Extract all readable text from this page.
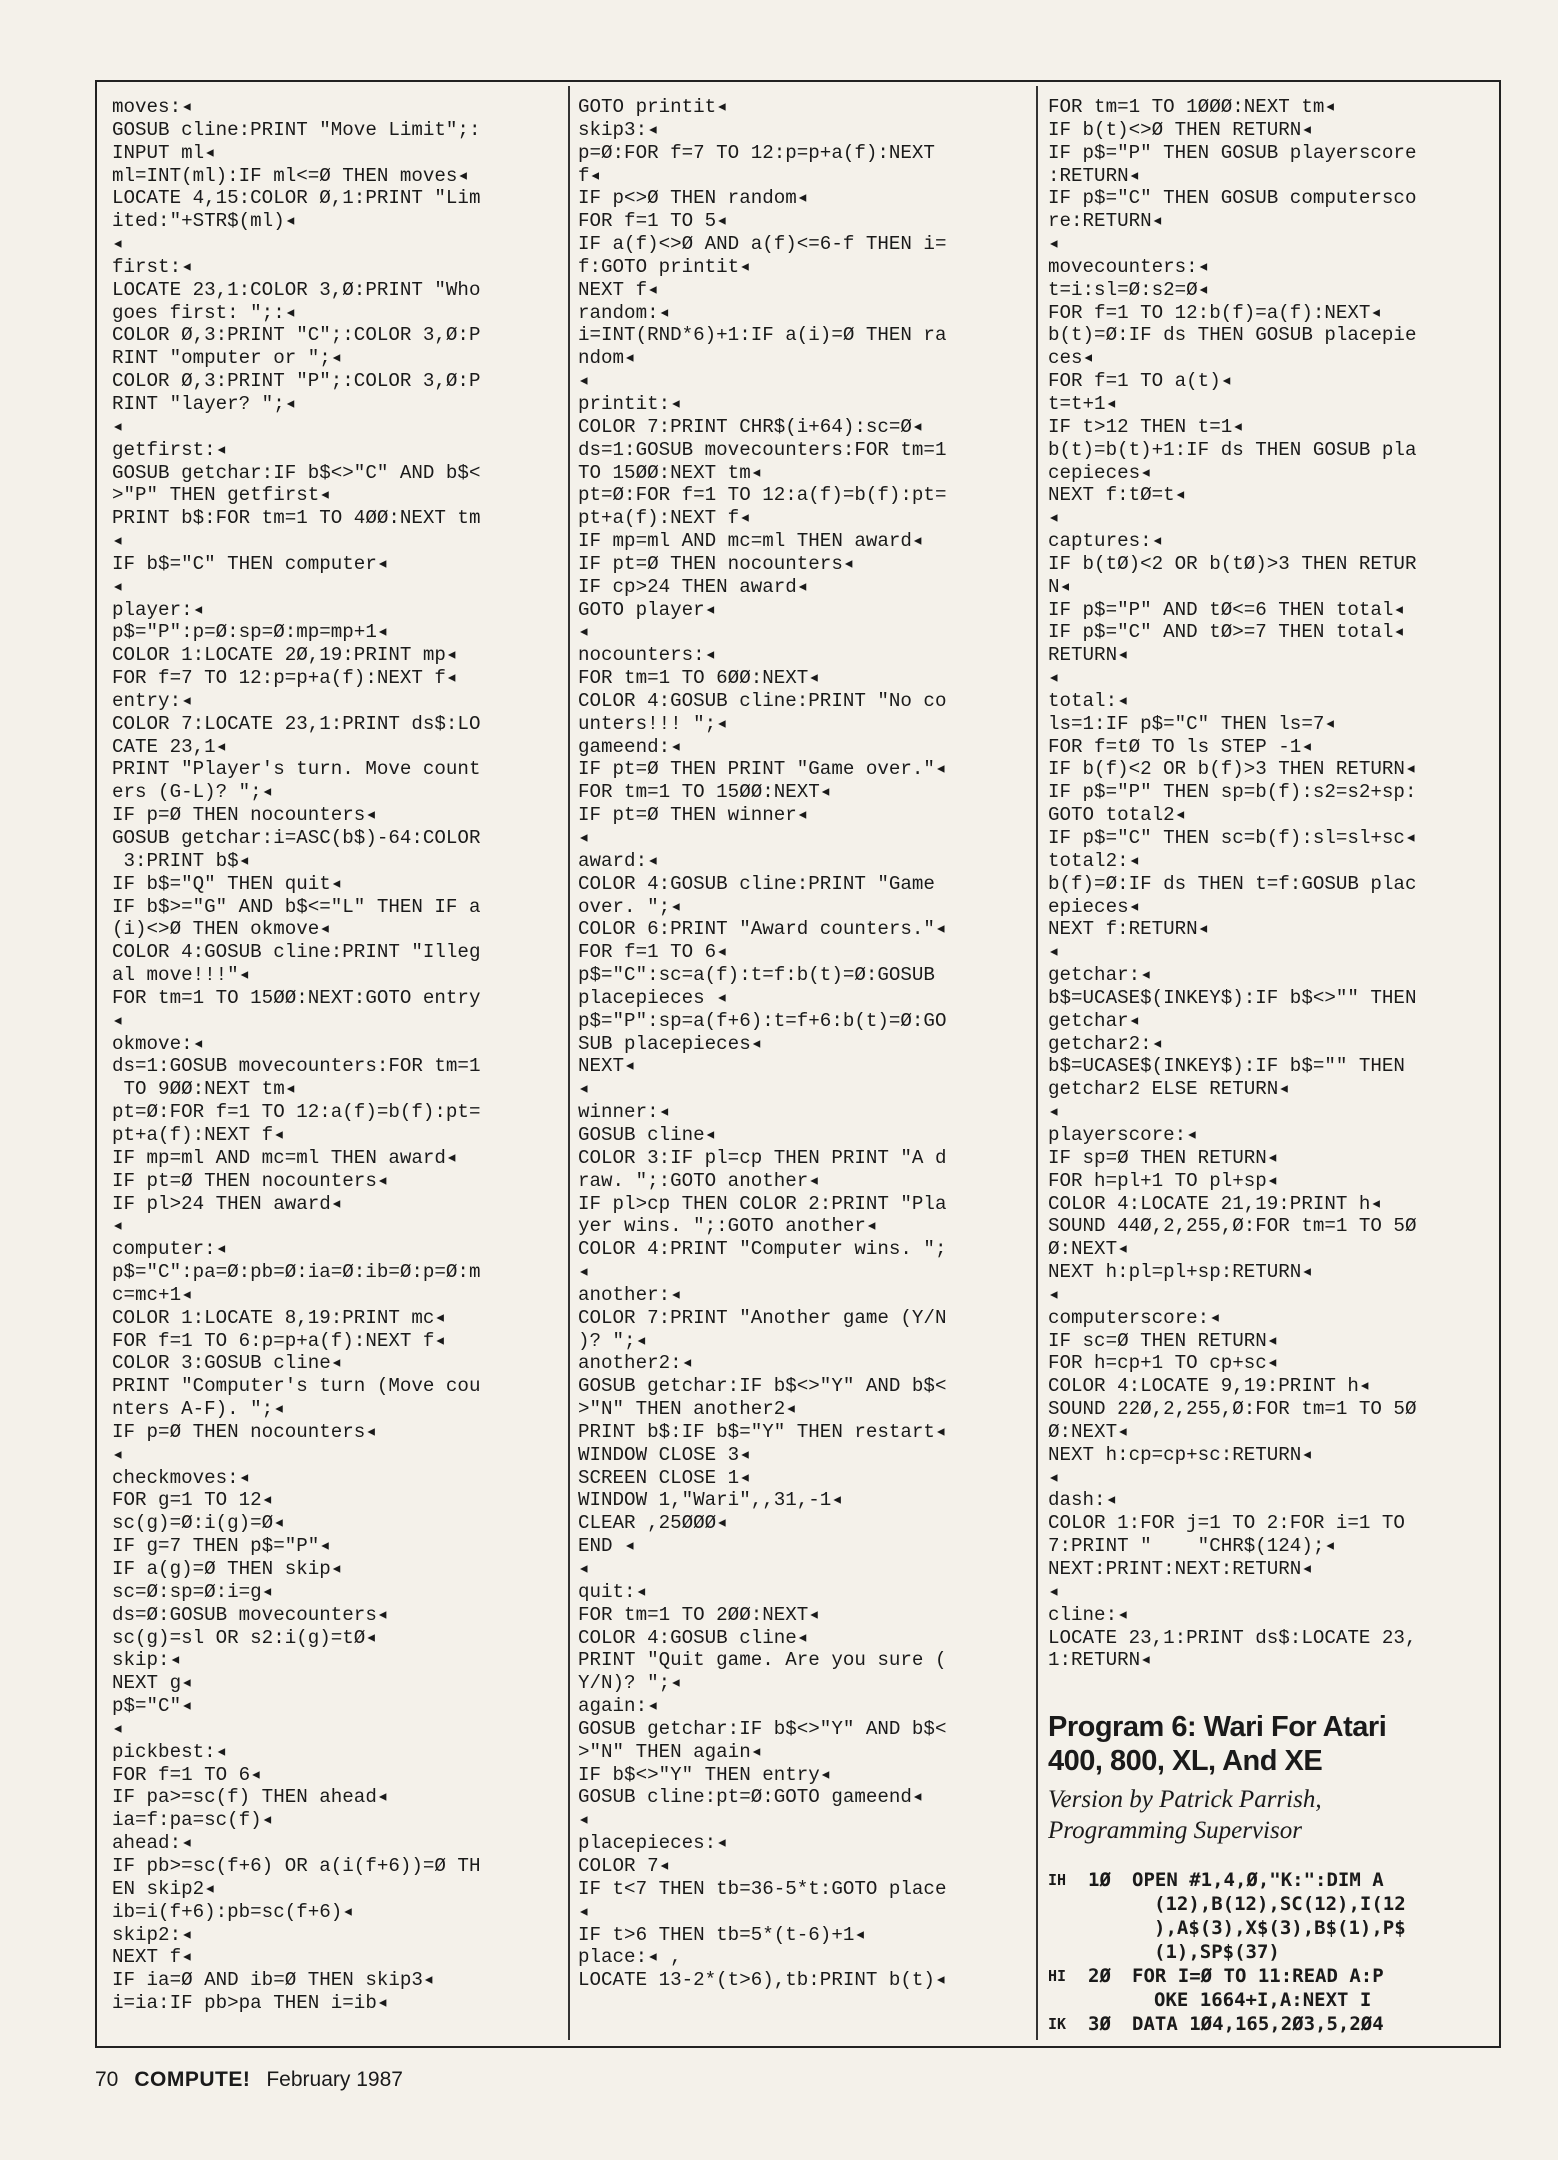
moves:◂
GOSUB cline:PRINT "Move Limit";:
INPUT ml◂
ml=INT(ml):IF ml<=Ø THEN moves◂
LOCATE 4,15:COLOR Ø,1:PRINT "Lim
ited:"+STR$(ml)◂
◂
first:◂
LOCATE 23,1:COLOR 3,Ø:PRINT "Who
goes first: ";:◂
COLOR Ø,3:PRINT "C";:COLOR 3,Ø:P
RINT "omputer or ";◂
COLOR Ø,3:PRINT "P";:COLOR 3,Ø:P
RINT "layer? ";◂
◂
getfirst:◂
GOSUB getchar:IF b$<>"C" AND b$<
>"P" THEN getfirst◂
PRINT b$:FOR tm=1 TO 4ØØ:NEXT tm
◂
IF b$="C" THEN computer◂
◂
player:◂
p$="P":p=Ø:sp=Ø:mp=mp+1◂
COLOR 1:LOCATE 2Ø,19:PRINT mp◂
FOR f=7 TO 12:p=p+a(f):NEXT f◂
entry:◂
COLOR 7:LOCATE 23,1:PRINT ds$:LO
CATE 23,1◂
PRINT "Player's turn. Move count
ers (G-L)? ";◂
IF p=Ø THEN nocounters◂
GOSUB getchar:i=ASC(b$)-64:COLOR
3:PRINT b$◂
IF b$="Q" THEN quit◂
IF b$>="G" AND b$<="L" THEN IF a
(i)<>Ø THEN okmove◂
COLOR 4:GOSUB cline:PRINT "Illeg
al move!!!"◂
FOR tm=1 TO 15ØØ:NEXT:GOTO entry
◂
okmove:◂
ds=1:GOSUB movecounters:FOR tm=1
TO 9ØØ:NEXT tm◂
pt=Ø:FOR f=1 TO 12:a(f)=b(f):pt=
pt+a(f):NEXT f◂
IF mp=ml AND mc=ml THEN award◂
IF pt=Ø THEN nocounters◂
IF pl>24 THEN award◂
◂
computer:◂
p$="C":pa=Ø:pb=Ø:ia=Ø:ib=Ø:p=Ø:m
c=mc+1◂
COLOR 1:LOCATE 8,19:PRINT mc◂
FOR f=1 TO 6:p=p+a(f):NEXT f◂
COLOR 3:GOSUB cline◂
PRINT "Computer's turn (Move cou
nters A-F). ";◂
IF p=Ø THEN nocounters◂
◂
checkmoves:◂
FOR g=1 TO 12◂
sc(g)=Ø:i(g)=Ø◂
IF g=7 THEN p$="P"◂
IF a(g)=Ø THEN skip◂
sc=Ø:sp=Ø:i=g◂
ds=Ø:GOSUB movecounters◂
sc(g)=sl OR s2:i(g)=tØ◂
skip:◂
NEXT g◂
p$="C"◂
◂
pickbest:◂
FOR f=1 TO 6◂
IF pa>=sc(f) THEN ahead◂
ia=f:pa=sc(f)◂
ahead:◂
IF pb>=sc(f+6) OR a(i(f+6))=Ø TH
EN skip2◂
ib=i(f+6):pb=sc(f+6)◂
skip2:◂
NEXT f◂
IF ia=Ø AND ib=Ø THEN skip3◂
i=ia:IF pb>pa THEN i=ib◂
GOTO printit◂
skip3:◂
p=Ø:FOR f=7 TO 12:p=p+a(f):NEXT
f◂
IF p<>Ø THEN random◂
FOR f=1 TO 5◂
IF a(f)<>Ø AND a(f)<=6-f THEN i=
f:GOTO printit◂
NEXT f◂
random:◂
i=INT(RND*6)+1:IF a(i)=Ø THEN ra
ndom◂
◂
printit:◂
COLOR 7:PRINT CHR$(i+64):sc=Ø◂
ds=1:GOSUB movecounters:FOR tm=1
TO 15ØØ:NEXT tm◂
pt=Ø:FOR f=1 TO 12:a(f)=b(f):pt=
pt+a(f):NEXT f◂
IF mp=ml AND mc=ml THEN award◂
IF pt=Ø THEN nocounters◂
IF cp>24 THEN award◂
GOTO player◂
◂
nocounters:◂
FOR tm=1 TO 6ØØ:NEXT◂
COLOR 4:GOSUB cline:PRINT "No co
unters!!! ";◂
gameend:◂
IF pt=Ø THEN PRINT "Game over."◂
FOR tm=1 TO 15ØØ:NEXT◂
IF pt=Ø THEN winner◂
◂
award:◂
COLOR 4:GOSUB cline:PRINT "Game
over. ";◂
COLOR 6:PRINT "Award counters."◂
FOR f=1 TO 6◂
p$="C":sc=a(f):t=f:b(t)=Ø:GOSUB
placepieces ◂
p$="P":sp=a(f+6):t=f+6:b(t)=Ø:GO
SUB placepieces◂
NEXT◂
◂
winner:◂
GOSUB cline◂
COLOR 3:IF pl=cp THEN PRINT "A d
raw. ";:GOTO another◂
IF pl>cp THEN COLOR 2:PRINT "Pla
yer wins. ";:GOTO another◂
COLOR 4:PRINT "Computer wins. ";
◂
another:◂
COLOR 7:PRINT "Another game (Y/N
)? ";◂
another2:◂
GOSUB getchar:IF b$<>"Y" AND b$<
>"N" THEN another2◂
PRINT b$:IF b$="Y" THEN restart◂
WINDOW CLOSE 3◂
SCREEN CLOSE 1◂
WINDOW 1,"Wari",,31,-1◂
CLEAR ,25ØØØ◂
END ◂
◂
quit:◂
FOR tm=1 TO 2ØØ:NEXT◂
COLOR 4:GOSUB cline◂
PRINT "Quit game. Are you sure (
Y/N)? ";◂
again:◂
GOSUB getchar:IF b$<>"Y" AND b$<
>"N" THEN again◂
IF b$<>"Y" THEN entry◂
GOSUB cline:pt=Ø:GOTO gameend◂
◂
placepieces:◂
COLOR 7◂
IF t<7 THEN tb=36-5*t:GOTO place
◂
IF t>6 THEN tb=5*(t-6)+1◂
place:◂ ,
LOCATE 13-2*(t>6),tb:PRINT b(t)◂
FOR tm=1 TO 1ØØØ:NEXT tm◂
IF b(t)<>Ø THEN RETURN◂
IF p$="P" THEN GOSUB playerscore
:RETURN◂
IF p$="C" THEN GOSUB computersco
re:RETURN◂
◂
movecounters:◂
t=i:sl=Ø:s2=Ø◂
FOR f=1 TO 12:b(f)=a(f):NEXT◂
b(t)=Ø:IF ds THEN GOSUB placepie
ces◂
FOR f=1 TO a(t)◂
t=t+1◂
IF t>12 THEN t=1◂
b(t)=b(t)+1:IF ds THEN GOSUB pla
cepieces◂
NEXT f:tØ=t◂
◂
captures:◂
IF b(tØ)<2 OR b(tØ)>3 THEN RETUR
N◂
IF p$="P" AND tØ<=6 THEN total◂
IF p$="C" AND tØ>=7 THEN total◂
RETURN◂
◂
total:◂
ls=1:IF p$="C" THEN ls=7◂
FOR f=tØ TO ls STEP -1◂
IF b(f)<2 OR b(f)>3 THEN RETURN◂
IF p$="P" THEN sp=b(f):s2=s2+sp:
GOTO total2◂
IF p$="C" THEN sc=b(f):sl=sl+sc◂
total2:◂
b(f)=Ø:IF ds THEN t=f:GOSUB plac
epieces◂
NEXT f:RETURN◂
◂
getchar:◂
b$=UCASE$(INKEY$):IF b$<>"" THEN
getchar◂
getchar2:◂
b$=UCASE$(INKEY$):IF b$="" THEN
getchar2 ELSE RETURN◂
◂
playerscore:◂
IF sp=Ø THEN RETURN◂
FOR h=pl+1 TO pl+sp◂
COLOR 4:LOCATE 21,19:PRINT h◂
SOUND 44Ø,2,255,Ø:FOR tm=1 TO 5Ø
Ø:NEXT◂
NEXT h:pl=pl+sp:RETURN◂
◂
computerscore:◂
IF sc=Ø THEN RETURN◂
FOR h=cp+1 TO cp+sc◂
COLOR 4:LOCATE 9,19:PRINT h◂
SOUND 22Ø,2,255,Ø:FOR tm=1 TO 5Ø
Ø:NEXT◂
NEXT h:cp=cp+sc:RETURN◂
◂
dash:◂
COLOR 1:FOR j=1 TO 2:FOR i=1 TO
7:PRINT "    "CHR$(124);◂
NEXT:PRINT:NEXT:RETURN◂
◂
cline:◂
LOCATE 23,1:PRINT ds$:LOCATE 23,
1:RETURN◂
Program 6: Wari For Atari
400, 800, XL, And XE
Version by Patrick Parrish,
Programming Supervisor
IH	1Ø	OPEN #1,4,Ø,"K:":DIM A
(12),B(12),SC(12),I(12
),A$(3),X$(3),B$(1),P$
(1),SP$(37)
HI	2Ø	FOR I=Ø TO 11:READ A:P
OKE 1664+I,A:NEXT I
IK	3Ø	DATA 1Ø4,165,2Ø3,5,2Ø4
70 COMPUTE! February 1987
